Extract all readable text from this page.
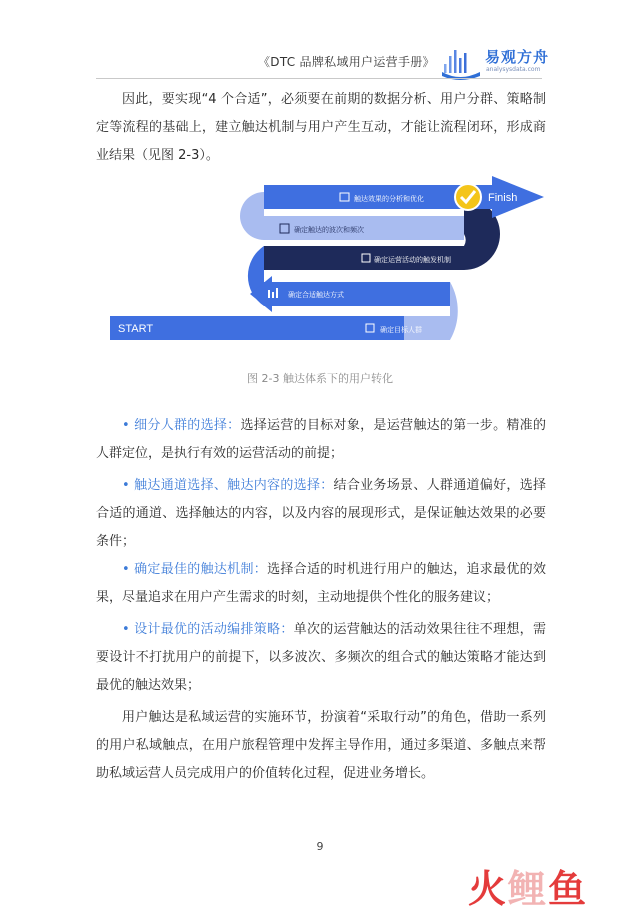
《DTC 品牌私域用户运营手册》	易观方舟
analysysdata.com

因此，要实现“4 个合适”，必须要在前期的数据分析、用户分群、策略制定等流程的基础上，建立触达机制与用户产生互动，才能让流程闭环，形成商业结果（见图 2-3）。

START
Finish
确定目标人群
确定合适触达方式
确定运营活动的触发机制
确定触达的波次和频次
触达效果的分析和优化
图 2-3 触达体系下的用户转化

• 细分人群的选择：选择运营的目标对象，是运营触达的第一步。精准的人群定位，是执行有效的运营活动的前提；

• 触达通道选择、触达内容的选择：结合业务场景、人群通道偏好，选择合适的通道、选择触达的内容，以及内容的展现形式，是保证触达效果的必要条件；

• 确定最佳的触达机制：选择合适的时机进行用户的触达，追求最优的效果，尽量追求在用户产生需求的时刻，主动地提供个性化的服务建议；

• 设计最优的活动编排策略：单次的运营触达的活动效果往往不理想，需要设计不打扰用户的前提下，以多波次、多频次的组合式的触达策略才能达到最优的触达效果；

用户触达是私域运营的实施环节，扮演着“采取行动”的角色，借助一系列的用户私域触点，在用户旅程管理中发挥主导作用，通过多渠道、多触点来帮助私域运营人员完成用户的价值转化过程，促进业务增长。

9
火鲤鱼
